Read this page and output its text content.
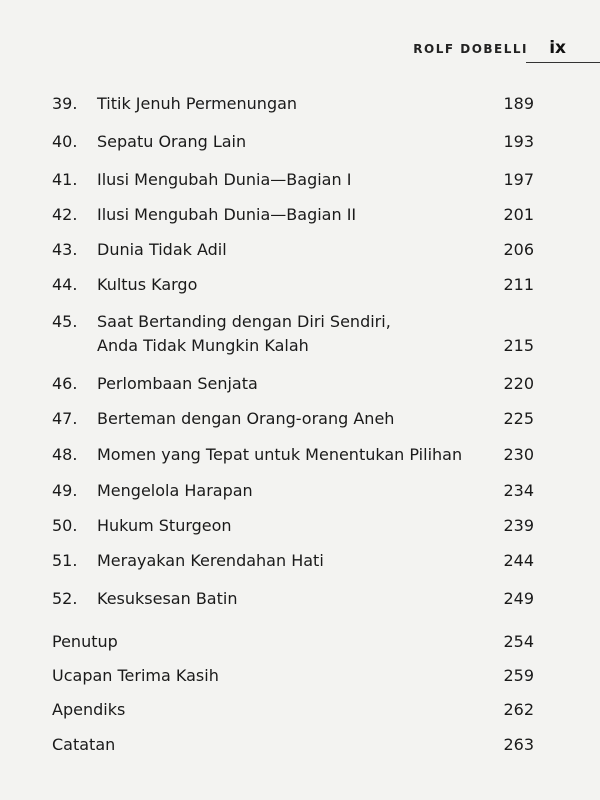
ROLF DOBELLI ix
39. Titik Jenuh Permenungan	189
40. Sepatu Orang Lain	193
41. Ilusi Mengubah Dunia—Bagian I	197
42. Ilusi Mengubah Dunia—Bagian II	201
43. Dunia Tidak Adil	206
44. Kultus Kargo	211
45. Saat Bertanding dengan Diri Sendiri,
Anda Tidak Mungkin Kalah	215
46. Perlombaan Senjata	220
47. Berteman dengan Orang-orang Aneh	225
48. Momen yang Tepat untuk Menentukan Pilihan	230
49. Mengelola Harapan	234
50. Hukum Sturgeon	239
51. Merayakan Kerendahan Hati	244
52. Kesuksesan Batin	249
Penutup	254
Ucapan Terima Kasih	259
Apendiks	262
Catatan	263
